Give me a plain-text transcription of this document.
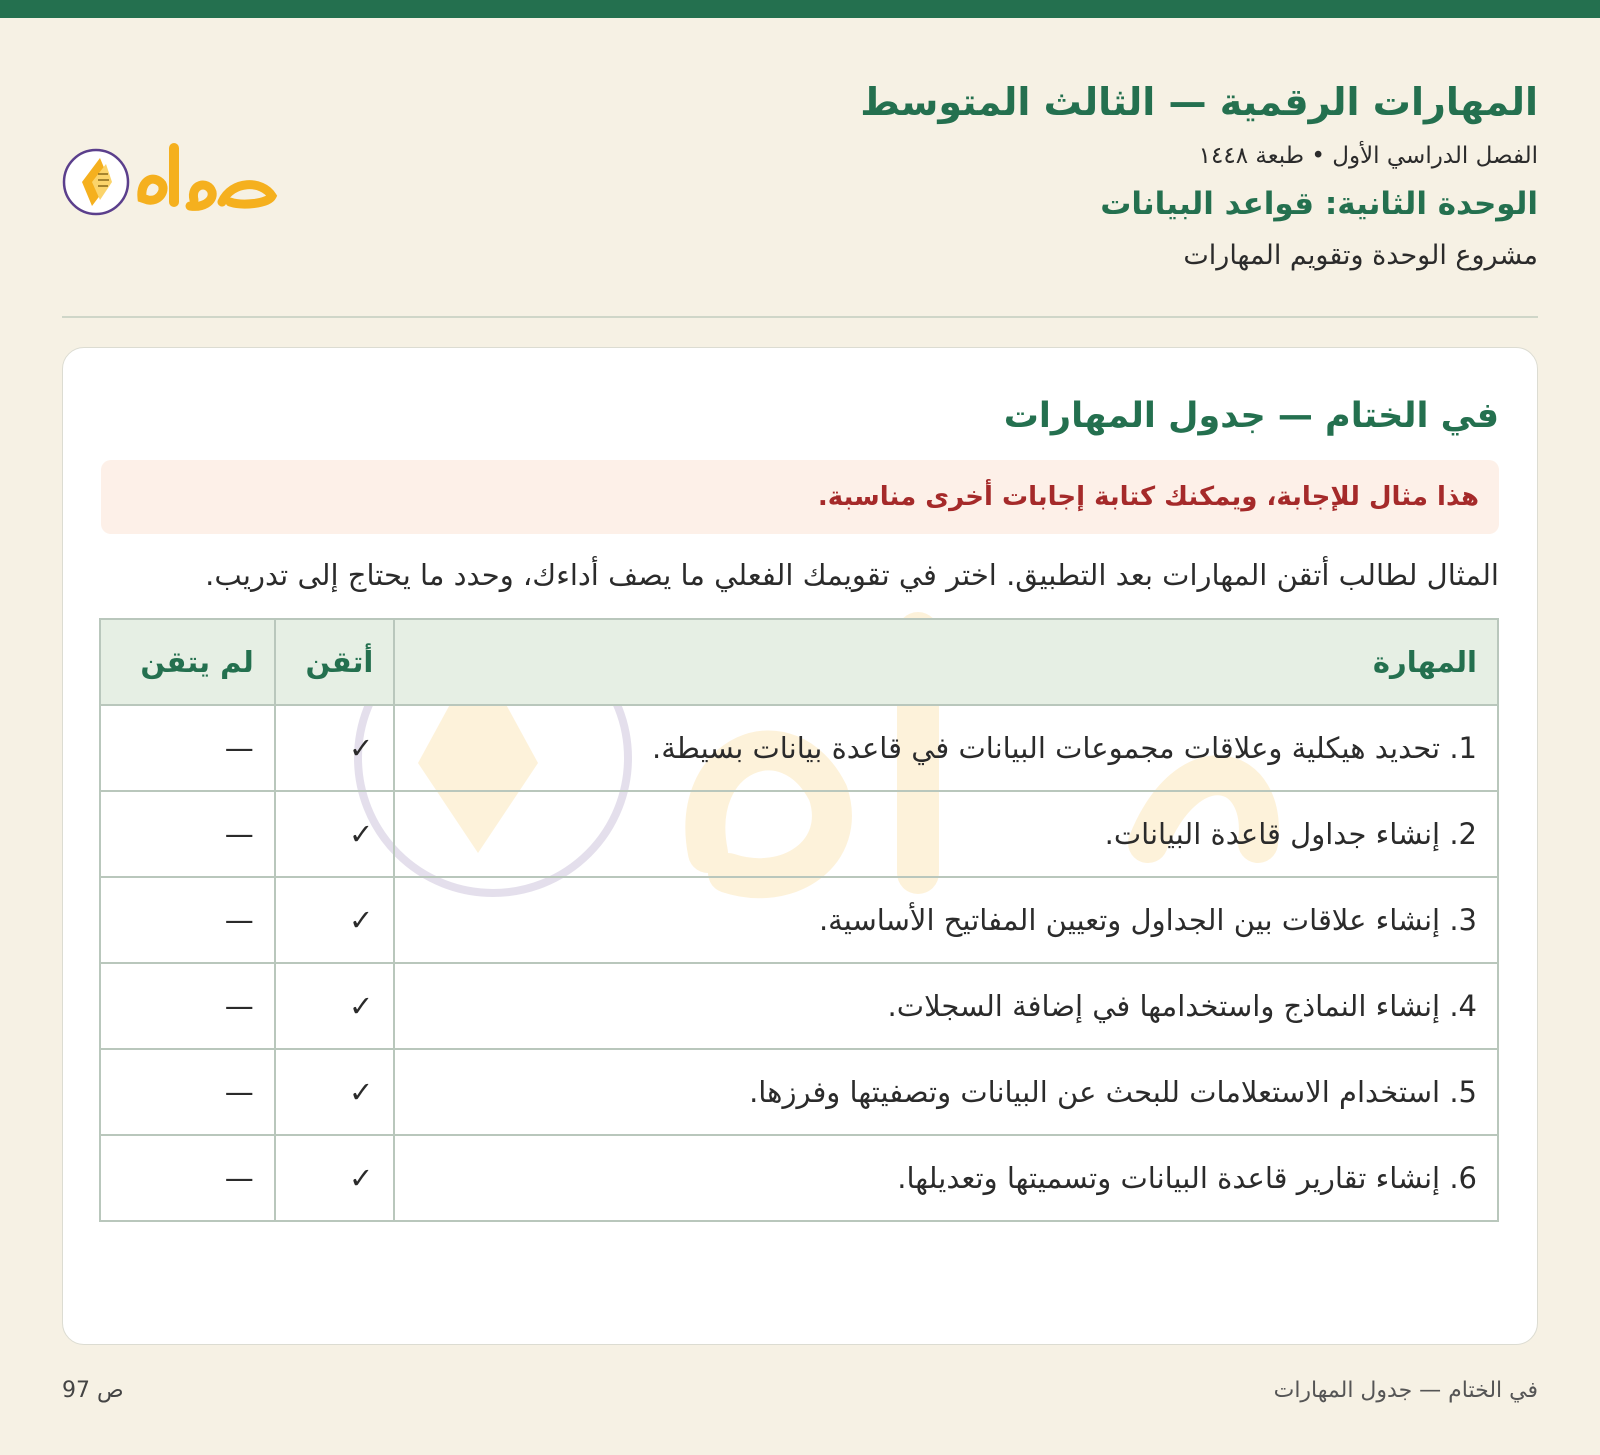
المهارات الرقمية — الثالث المتوسط
الفصل الدراسي الأول • طبعة ١٤٤٨
الوحدة الثانية: قواعد البيانات
مشروع الوحدة وتقويم المهارات
في الختام — جدول المهارات
هذا مثال للإجابة، ويمكنك كتابة إجابات أخرى مناسبة.
المثال لطالب أتقن المهارات بعد التطبيق. اختر في تقويمك الفعلي ما يصف أداءك، وحدد ما يحتاج إلى تدريب.
المهارة	أتقن	لم يتقن
1. تحديد هيكلية وعلاقات مجموعات البيانات في قاعدة بيانات بسيطة.	✓	—
2. إنشاء جداول قاعدة البيانات.	✓	—
3. إنشاء علاقات بين الجداول وتعيين المفاتيح الأساسية.	✓	—
4. إنشاء النماذج واستخدامها في إضافة السجلات.	✓	—
5. استخدام الاستعلامات للبحث عن البيانات وتصفيتها وفرزها.	✓	—
6. إنشاء تقارير قاعدة البيانات وتسميتها وتعديلها.	✓	—
ص 97	في الختام — جدول المهارات
